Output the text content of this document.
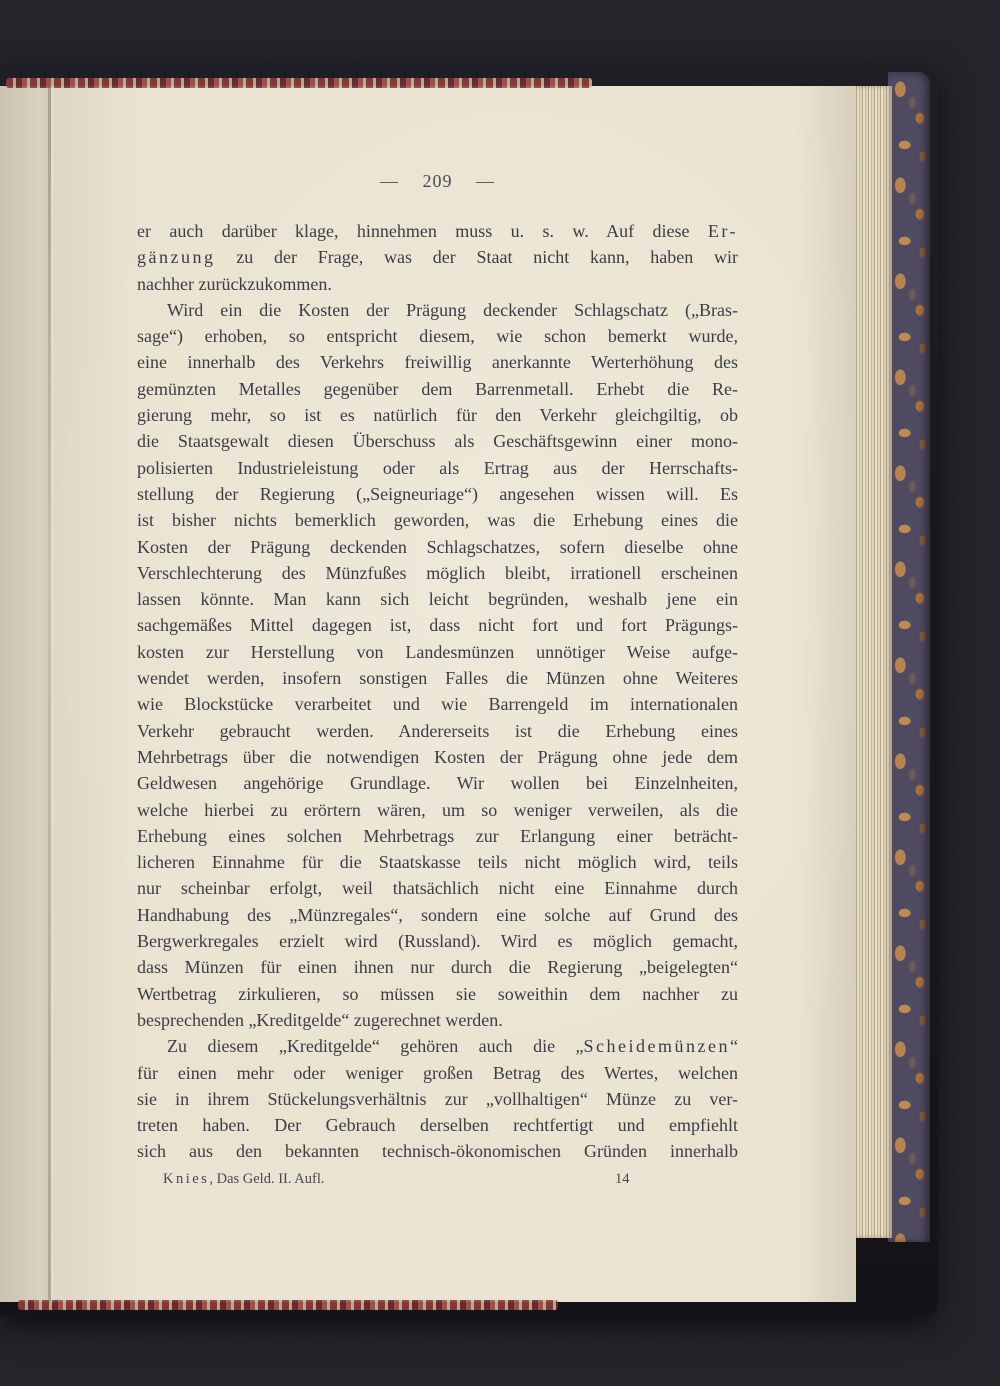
— 209 —
er auch darüber klage, hinnehmen muss u. s. w. Auf diese Er-
gänzung zu der Frage, was der Staat nicht kann, haben wir
nachher zurückzukommen.
Wird ein die Kosten der Prägung deckender Schlagschatz („Bras-
sage“) erhoben, so entspricht diesem, wie schon bemerkt wurde,
eine innerhalb des Verkehrs freiwillig anerkannte Werterhöhung des
gemünzten Metalles gegenüber dem Barrenmetall. Erhebt die Re-
gierung mehr, so ist es natürlich für den Verkehr gleichgiltig, ob
die Staatsgewalt diesen Überschuss als Geschäftsgewinn einer mono-
polisierten Industrieleistung oder als Ertrag aus der Herrschafts-
stellung der Regierung („Seigneuriage“) angesehen wissen will. Es
ist bisher nichts bemerklich geworden, was die Erhebung eines die
Kosten der Prägung deckenden Schlagschatzes, sofern dieselbe ohne
Verschlechterung des Münzfußes möglich bleibt, irrationell erscheinen
lassen könnte. Man kann sich leicht begründen, weshalb jene ein
sachgemäßes Mittel dagegen ist, dass nicht fort und fort Prägungs-
kosten zur Herstellung von Landesmünzen unnötiger Weise aufge-
wendet werden, insofern sonstigen Falles die Münzen ohne Weiteres
wie Blockstücke verarbeitet und wie Barrengeld im internationalen
Verkehr gebraucht werden. Andererseits ist die Erhebung eines
Mehrbetrags über die notwendigen Kosten der Prägung ohne jede dem
Geldwesen angehörige Grundlage. Wir wollen bei Einzelnheiten,
welche hierbei zu erörtern wären, um so weniger verweilen, als die
Erhebung eines solchen Mehrbetrags zur Erlangung einer beträcht-
licheren Einnahme für die Staatskasse teils nicht möglich wird, teils
nur scheinbar erfolgt, weil thatsächlich nicht eine Einnahme durch
Handhabung des „Münzregales“, sondern eine solche auf Grund des
Bergwerkregales erzielt wird (Russland). Wird es möglich gemacht,
dass Münzen für einen ihnen nur durch die Regierung „beigelegten“
Wertbetrag zirkulieren, so müssen sie soweithin dem nachher zu
besprechenden „Kreditgelde“ zugerechnet werden.
Zu diesem „Kreditgelde“ gehören auch die „Scheidemünzen“
für einen mehr oder weniger großen Betrag des Wertes, welchen
sie in ihrem Stückelungsverhältnis zur „vollhaltigen“ Münze zu ver-
treten haben. Der Gebrauch derselben rechtfertigt und empfiehlt
sich aus den bekannten technisch-ökonomischen Gründen innerhalb
Knies, Das Geld. II. Aufl.	14
